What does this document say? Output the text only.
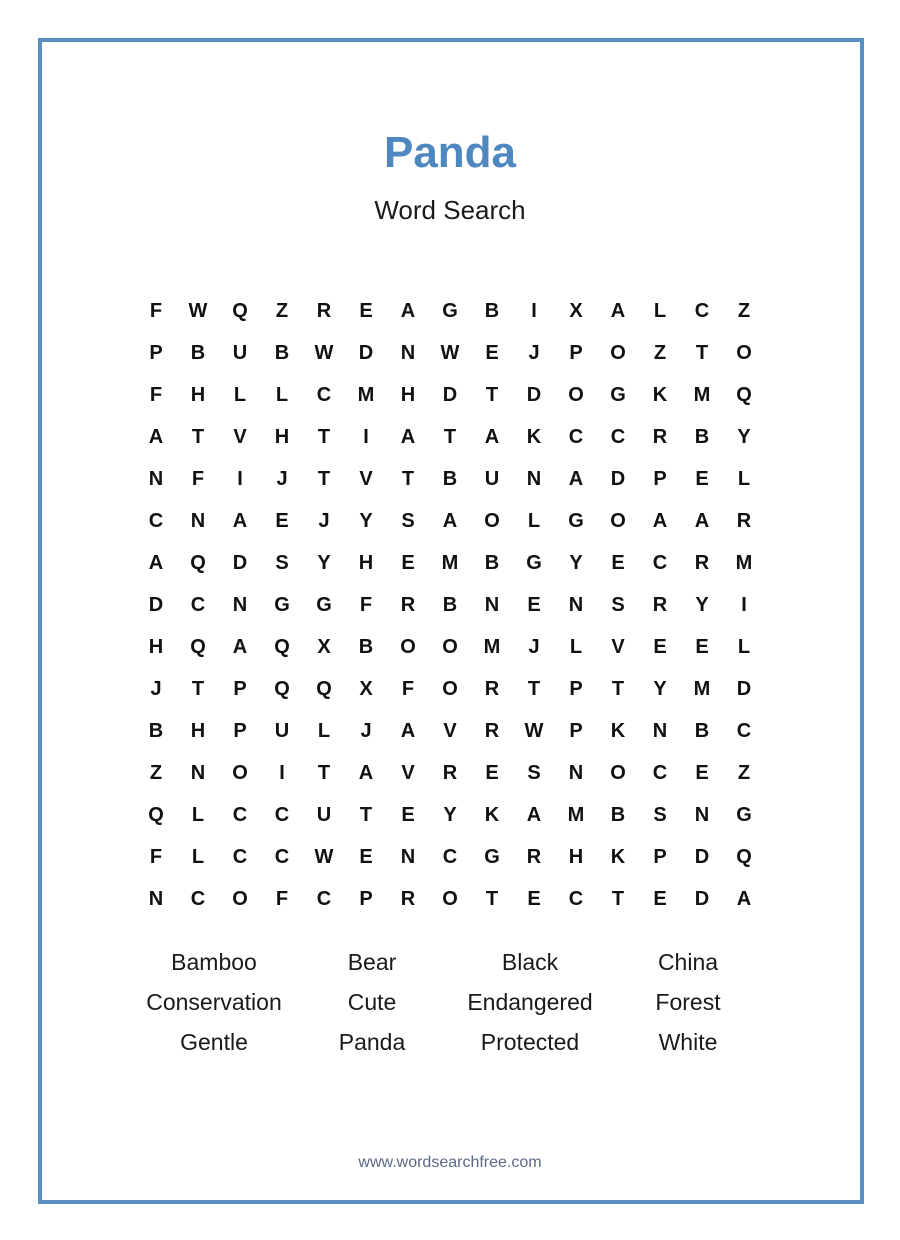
Panda
Word Search
F	W	Q	Z	R	E	A	G	B	I	X	A	L	C	Z
P	B	U	B	W	D	N	W	E	J	P	O	Z	T	O
F	H	L	L	C	M	H	D	T	D	O	G	K	M	Q
A	T	V	H	T	I	A	T	A	K	C	C	R	B	Y
N	F	I	J	T	V	T	B	U	N	A	D	P	E	L
C	N	A	E	J	Y	S	A	O	L	G	O	A	A	R
A	Q	D	S	Y	H	E	M	B	G	Y	E	C	R	M
D	C	N	G	G	F	R	B	N	E	N	S	R	Y	I
H	Q	A	Q	X	B	O	O	M	J	L	V	E	E	L
J	T	P	Q	Q	X	F	O	R	T	P	T	Y	M	D
B	H	P	U	L	J	A	V	R	W	P	K	N	B	C
Z	N	O	I	T	A	V	R	E	S	N	O	C	E	Z
Q	L	C	C	U	T	E	Y	K	A	M	B	S	N	G
F	L	C	C	W	E	N	C	G	R	H	K	P	D	Q
N	C	O	F	C	P	R	O	T	E	C	T	E	D	A
Bamboo	Bear	Black	China
Conservation	Cute	Endangered	Forest
Gentle	Panda	Protected	White
www.wordsearchfree.com
